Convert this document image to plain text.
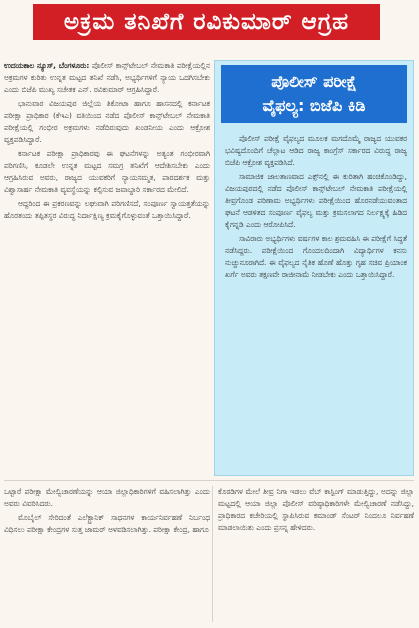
ಅಕ್ರಮ ತನಿಖೆಗೆ ರವಿಕುಮಾರ್ ಆಗ್ರಹ

ಉದಯಕಾಲ ನ್ಯೂಸ್, ಬೆಂಗಳೂರು: ಪೊಲೀಸ್ ಕಾನ್ಸ್‌ಟೇಬಲ್ ನೇಮಕಾತಿ ಪರೀಕ್ಷೆಯಲ್ಲಿನ ಅಕ್ರಮಗಳ ಕುರಿತು ಉನ್ನತ ಮಟ್ಟದ ತನಿಖೆ ನಡೆಸಿ, ಅಭ್ಯರ್ಥಿಗಳಿಗೆ ನ್ಯಾಯ ಒದಗಿಸಬೇಕು ಎಂದು ಬಿಜೆಪಿ ಮುಖ್ಯ ಸಚೇತಕ ಎನ್. ರವಿಕುಮಾರ್ ಆಗ್ರಹಿಸಿದ್ದಾರೆ.

ಭಾನುವಾರ ವಿಜಯಪುರ ಜಿಲ್ಲೆಯ ತಿಕೋಟಾ ಹಾಗೂ ಹಾಸನದಲ್ಲಿ ಕರ್ನಾಟಕ ಪರೀಕ್ಷಾ ಪ್ರಾಧಿಕಾರ (ಕೆಇಎ) ವತಿಯಿಂದ ನಡೆದ ಪೊಲೀಸ್ ಕಾನ್ಸ್‌ಟೇಬಲ್ ನೇಮಕಾತಿ ಪರೀಕ್ಷೆಯಲ್ಲಿ ಗಂಭೀರ ಅಕ್ರಮಗಳು ನಡೆದಿರುವುದು ಖಂಡನೀಯ ಎಂದು ಆಕ್ರೋಶ ವ್ಯಕ್ತಪಡಿಸಿದ್ದಾರೆ.

ಕರ್ನಾಟಕ ಪರೀಕ್ಷಾ ಪ್ರಾಧಿಕಾರವು ಈ ಘಟನೆಗಳನ್ನು ಅತ್ಯಂತ ಗಂಭೀರವಾಗಿ ಪರಿಗಣಿಸಿ, ಕೂಡಲೇ ಉನ್ನತ ಮಟ್ಟದ ಸಮಗ್ರ ತನಿಖೆಗೆ ಆದೇಶಿಸಬೇಕು ಎಂದು ಆಗ್ರಹಿಸಿರುವ ಅವರು, ರಾಜ್ಯದ ಯುವಕರಿಗೆ ನ್ಯಾಯಸಮ್ಮತ, ಪಾರದರ್ಶಕ ಮತ್ತು ವಿಶ್ವಾಸಾರ್ಹ ನೇಮಕಾತಿ ವ್ಯವಸ್ಥೆಯನ್ನು ಕಲ್ಪಿಸುವ ಜವಾಬ್ದಾರಿ ಸರ್ಕಾರದ ಮೇಲಿದೆ.

ಆದ್ದರಿಂದ ಈ ಪ್ರಕರಣವನ್ನು ಲಘುವಾಗಿ ಪರಿಗಣಿಸದೆ, ಸಂಪೂರ್ಣ ಸ್ವಾಯತ್ತತೆಯನ್ನು ಹೊರತಂದು ತಪ್ಪಿತಸ್ಥರ ವಿರುದ್ಧ ನಿರ್ದಾಕ್ಷಿಣ್ಯ ಕ್ರಮಕೈಗೊಳ್ಳುವಂತೆ ಒತ್ತಾಯಿಸಿದ್ದಾರೆ.

ಪೊಲೀಸ್ ಪರೀಕ್ಷೆ
ವೈಫಲ್ಯ: ಬಿಜೆಪಿ ಕಿಡಿ

ಪೊಲೀಸ್ ಪರೀಕ್ಷೆ ವೈಫಲ್ಯದ ಮೂಲಕ ಮಗದೊಮ್ಮೆ ರಾಜ್ಯದ ಯುವಕರ ಭವಿಷ್ಯದೊಂದಿಗೆ ಚೆಲ್ಲಾಟ ಆಡಿದ ರಾಜ್ಯ ಕಾಂಗ್ರೆಸ್ ಸರ್ಕಾರದ ವಿರುದ್ಧ ರಾಜ್ಯ ಬಿಜೆಪಿ ಆಕ್ರೋಶ ವ್ಯಕ್ತಪಡಿಸಿದೆ.

ಸಾಮಾಜಿಕ ಜಾಲತಾಣವಾದ ಎಕ್ಸ್‌ನಲ್ಲಿ ಈ ಕುರಿತಾಗಿ ಹಂಚಿಕೊಂಡಿದ್ದು, ವಿಜಯಪುರದಲ್ಲಿ ನಡೆದ ಪೊಲೀಸ್ ಕಾನ್ಸ್‌ಟೇಬಲ್ ನೇಮಕಾತಿ ಪರೀಕ್ಷೆಯಲ್ಲಿ ತೀವ್ರಗೊಂಡ ಪರಿಣಾಮ ಅಭ್ಯರ್ಥಿಗಳು ಪರೀಕ್ಷೆಯಿಂದ ಹೊರನಡೆಯುವಂತಾದ ಘಟನೆ ಆಡಳಿತದ ಸಂಪೂರ್ಣ ವೈಫಲ್ಯ ಮತ್ತು ಕ್ರಮಸಲಾಗದ ನಿರ್ಲಕ್ಷ್ಯಕ್ಕೆ ಹಿಡಿದ ಕೈಗನ್ನಡಿ ಎಂದು ಆರೋಪಿಸಿದೆ.

ಸಾವಿರಾರು ಅಭ್ಯರ್ಥಿಗಳು ವರ್ಷಗಳ ಕಾಲ ಶ್ರಮವಹಿಸಿ ಈ ಪರೀಕ್ಷೆಗೆ ಸಿದ್ಧತೆ ನಡೆಸಿದ್ದರು. ಪರೀಕ್ಷೆಯಿಂದ ಗೊಂದಲದಿಂದಾಗಿ ವಿದ್ಯಾರ್ಥಿಗಳ ಕನಸು ನುಚ್ಚುನೂರಾಗಿದೆ. ಈ ವೈಫಲ್ಯದ ನೈತಿಕ ಹೊಣೆ ಹೊತ್ತು ಗೃಹ ಸಚಿವ ಪ್ರಿಯಾಂಕ ಖರ್ಗೆ ಅವರು ತಕ್ಷಣವೇ ರಾಜೀನಾಮೆ ನೀಡಬೇಕು ಎಂದು ಒತ್ತಾಯಿಸಿದ್ದಾರೆ.

ಒಟ್ಟಾರೆ ಪರೀಕ್ಷಾ ಮೇಲ್ವಿಚಾರಣೆಯನ್ನು ಆಯಾ ಜಿಲ್ಲಾಧಿಕಾರಿಗಳಿಗೆ ವಹಿಸಲಾಗಿತ್ತು ಎಂದು ಅವರು ವಿವರಿಸಿದರು.

ಮೊಬೈಲ್ ಸೇರಿದಂತೆ ಎಲೆಕ್ಟ್ರಾನಿಕ್ ಸಾಧನಗಳ ಕಾರ್ಯನಿರ್ವಹಣೆ ನಿರ್ಬಂಧ ವಿಧಿಸಲು ಪರೀಕ್ಷಾ ಕೇಂದ್ರಗಳ ಸುತ್ತ ಜಾಮರ್ ಅಳವಡಿಸಲಾಗಿತ್ತು. ಪರೀಕ್ಷಾ ಕೇಂದ್ರ, ಹಾಗೂ

ಕೊಠಡಿಗಳ ಮೇಲೆ ತೀವ್ರ ನಿಗಾ ಇಡಲು ವೆಬ್ ಕಾಸ್ಟಿಂಗ್ ಮಾಡುತ್ತಿದ್ದು, ಅದನ್ನು ಜಿಲ್ಲಾ ಮಟ್ಟದಲ್ಲಿ ಆಯಾ ಜಿಲ್ಲಾ ಪೊಲೀಸ್ ವರಿಷ್ಠಾಧಿಕಾರಿಗಳೇ ಮೇಲ್ವಿಚಾರಣೆ ನಡೆಸಿದ್ದು, ಪ್ರಾಧಿಕಾರದ ಕಚೇರಿಯಲ್ಲಿ ಸ್ಥಾಪಿಸಿರುವ ಕಮಾಂಡ್ ಸೆಂಟರ್ ನಿಂದಲೂ ನಿರ್ವಹಣೆ ಮಾಡಲಾಯಿತು ಎಂದು ಪ್ರಸನ್ನ ಹೇಳಿದರು.
